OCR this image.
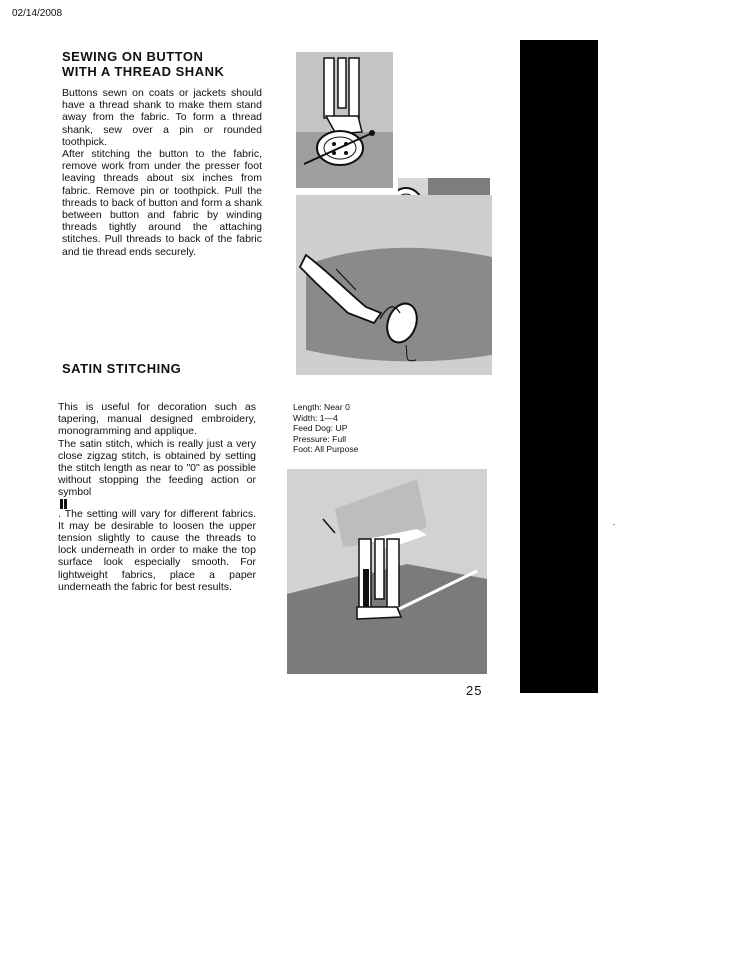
02/14/2008
SEWING ON BUTTON
WITH A THREAD SHANK
Buttons sewn on coats or jackets should have a thread shank to make them stand away from the fabric. To form a thread shank, sew over a pin or rounded toothpick.
After stitching the button to the fabric, remove work from under the presser foot leaving threads about six inches from fabric. Remove pin or toothpick. Pull the threads to back of button and form a shank between button and fabric by winding threads tightly around the attaching stitches. Pull threads to back of the fabric and tie thread ends securely.
SATIN STITCHING
This is useful for decoration such as tapering, manual designed embroidery, monogramming and applique.
The satin stitch, which is really just a very close zigzag stitch, is obtained by setting the stitch length as near to "0" as possible without stopping the feeding action or symbol
. The setting will vary for different fabrics. It may be desirable to loosen the upper tension slightly to cause the threads to lock underneath in order to make the top surface look especially smooth. For lightweight fabrics, place a paper underneath the fabric for best results.
Length: Near 0
Width: 1—4
Feed Dog: UP
Pressure: Full
Foot: All Purpose
25
